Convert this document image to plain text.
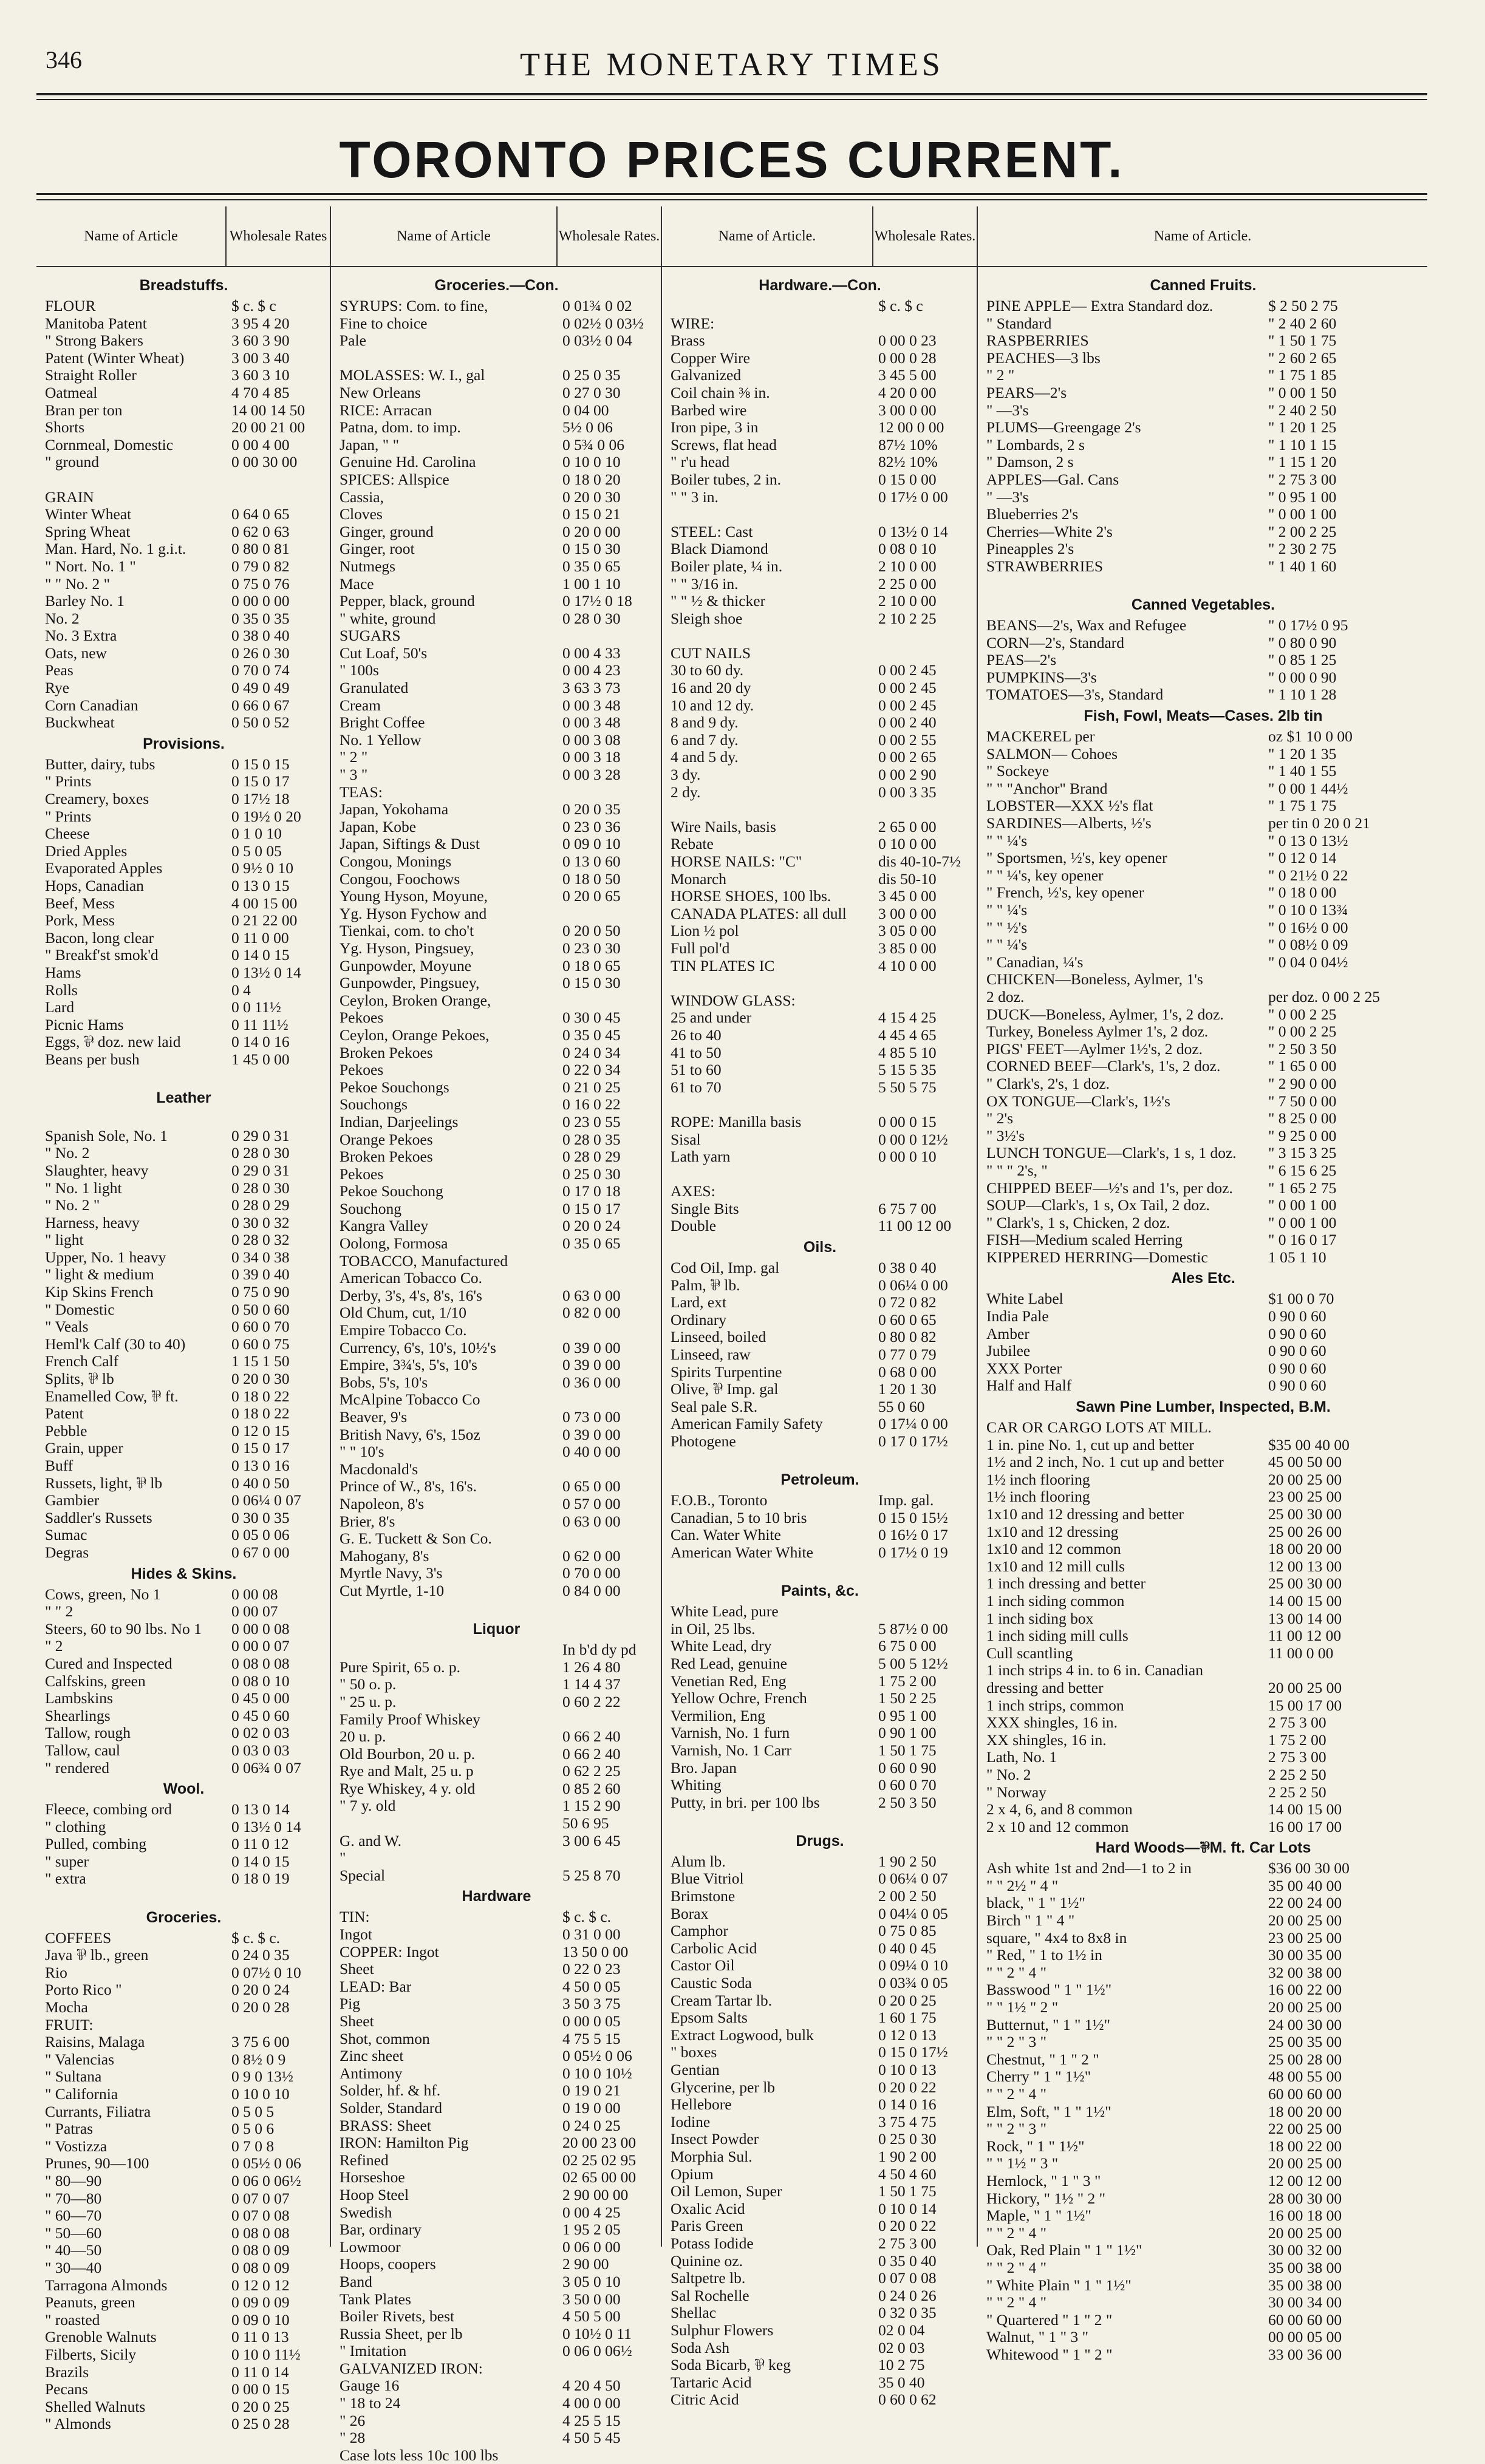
346	THE MONETARY TIMES
TORONTO PRICES CURRENT.
Name of Article	Wholesale Rates
Breadstuffs.
FLOUR	$ c. $ c
Manitoba Patent	3 95 4 20
" Strong Bakers	3 60 3 90
Patent (Winter Wheat)	3 00 3 40
Straight Roller	3 60 3 10
Oatmeal	4 70 4 85
Bran per ton	14 00 14 50
Shorts	20 00 21 00
Cornmeal, Domestic	0 00 4 00
" ground	0 00 30 00
GRAIN
Winter Wheat	0 64 0 65
Spring Wheat	0 62 0 63
Man. Hard, No. 1 g.i.t.	0 80 0 81
" Nort. No. 1 "	0 79 0 82
" " No. 2 "	0 75 0 76
Barley No. 1	0 00 0 00
No. 2	0 35 0 35
No. 3 Extra	0 38 0 40
Oats, new	0 26 0 30
Peas	0 70 0 74
Rye	0 49 0 49
Corn Canadian	0 66 0 67
Buckwheat	0 50 0 52
Provisions.
Butter, dairy, tubs	0 15 0 15
" Prints	0 15 0 17
Creamery, boxes	0 17½ 18
" Prints	0 19½ 0 20
Cheese	0 1 0 10
Dried Apples	0 5 0 05
Evaporated Apples	0 9½ 0 10
Hops, Canadian	0 13 0 15
Beef, Mess	4 00 15 00
Pork, Mess	0 21 22 00
Bacon, long clear	0 11 0 00
" Breakf'st smok'd	0 14 0 15
Hams	0 13½ 0 14
Rolls	0 4
Lard	0 0 11½
Picnic Hams	0 11 11½
Eggs, ⅌ doz. new laid	0 14 0 16
Beans per bush	1 45 0 00
Leather
Spanish Sole, No. 1	0 29 0 31
" No. 2	0 28 0 30
Slaughter, heavy	0 29 0 31
" No. 1 light	0 28 0 30
" No. 2 "	0 28 0 29
Harness, heavy	0 30 0 32
" light	0 28 0 32
Upper, No. 1 heavy	0 34 0 38
" light & medium	0 39 0 40
Kip Skins French	0 75 0 90
" Domestic	0 50 0 60
" Veals	0 60 0 70
Heml'k Calf (30 to 40)	0 60 0 75
French Calf	1 15 1 50
Splits, ⅌ lb	0 20 0 30
Enamelled Cow, ⅌ ft.	0 18 0 22
Patent	0 18 0 22
Pebble	0 12 0 15
Grain, upper	0 15 0 17
Buff	0 13 0 16
Russets, light, ⅌ lb	0 40 0 50
Gambier	0 06¼ 0 07
Saddler's Russets	0 30 0 35
Sumac	0 05 0 06
Degras	0 67 0 00
Hides & Skins.
Cows, green, No 1	0 00 08
" " 2	0 00 07
Steers, 60 to 90 lbs. No 1	0 00 0 08
" 2	0 00 0 07
Cured and Inspected	0 08 0 08
Calfskins, green	0 08 0 10
Lambskins	0 45 0 00
Shearlings	0 45 0 60
Tallow, rough	0 02 0 03
Tallow, caul	0 03 0 03
" rendered	0 06¾ 0 07
Wool.
Fleece, combing ord	0 13 0 14
" clothing	0 13½ 0 14
Pulled, combing	0 11 0 12
" super	0 14 0 15
" extra	0 18 0 19
Groceries.
COFFEES	$ c. $ c.
Java ⅌ lb., green	0 24 0 35
Rio	0 07½ 0 10
Porto Rico "	0 20 0 24
Mocha	0 20 0 28
FRUIT:
Raisins, Malaga	3 75 6 00
" Valencias	0 8½ 0 9
" Sultana	0 9 0 13½
" California	0 10 0 10
Currants, Filiatra	0 5 0 5
" Patras	0 5 0 6
" Vostizza	0 7 0 8
Prunes, 90—100	0 05½ 0 06
" 80—90	0 06 0 06½
" 70—80	0 07 0 07
" 60—70	0 07 0 08
" 50—60	0 08 0 08
" 40—50	0 08 0 09
" 30—40	0 08 0 09
Tarragona Almonds	0 12 0 12
Peanuts, green	0 09 0 09
" roasted	0 09 0 10
Grenoble Walnuts	0 11 0 13
Filberts, Sicily	0 10 0 11½
Brazils	0 11 0 14
Pecans	0 00 0 15
Shelled Walnuts	0 20 0 25
" Almonds	0 25 0 28
Name of Article	Wholesale Rates.
Groceries.—Con.
SYRUPS: Com. to fine,	0 01¾ 0 02
Fine to choice	0 02½ 0 03½
Pale	0 03½ 0 04
MOLASSES: W. I., gal	0 25 0 35
New Orleans	0 27 0 30
RICE: Arracan	0 04 00
Patna, dom. to imp.	5½ 0 06
Japan, " "	0 5¾ 0 06
Genuine Hd. Carolina	0 10 0 10
SPICES: Allspice	0 18 0 20
Cassia,	0 20 0 30
Cloves	0 15 0 21
Ginger, ground	0 20 0 00
Ginger, root	0 15 0 30
Nutmegs	0 35 0 65
Mace	1 00 1 10
Pepper, black, ground	0 17½ 0 18
" white, ground	0 28 0 30
SUGARS
Cut Loaf, 50's	0 00 4 33
" 100s	0 00 4 23
Granulated	3 63 3 73
Cream	0 00 3 48
Bright Coffee	0 00 3 48
No. 1 Yellow	0 00 3 08
" 2 "	0 00 3 18
" 3 "	0 00 3 28
TEAS:
Japan, Yokohama	0 20 0 35
Japan, Kobe	0 23 0 36
Japan, Siftings & Dust	0 09 0 10
Congou, Monings	0 13 0 60
Congou, Foochows	0 18 0 50
Young Hyson, Moyune,	0 20 0 65
Yg. Hyson Fychow and
Tienkai, com. to cho't	0 20 0 50
Yg. Hyson, Pingsuey,	0 23 0 30
Gunpowder, Moyune	0 18 0 65
Gunpowder, Pingsuey,	0 15 0 30
Ceylon, Broken Orange,
Pekoes	0 30 0 45
Ceylon, Orange Pekoes,	0 35 0 45
Broken Pekoes	0 24 0 34
Pekoes	0 22 0 34
Pekoe Souchongs	0 21 0 25
Souchongs	0 16 0 22
Indian, Darjeelings	0 23 0 55
Orange Pekoes	0 28 0 35
Broken Pekoes	0 28 0 29
Pekoes	0 25 0 30
Pekoe Souchong	0 17 0 18
Souchong	0 15 0 17
Kangra Valley	0 20 0 24
Oolong, Formosa	0 35 0 65
TOBACCO, Manufactured
American Tobacco Co.
Derby, 3's, 4's, 8's, 16's	0 63 0 00
Old Chum, cut, 1/10	0 82 0 00
Empire Tobacco Co.
Currency, 6's, 10's, 10½'s	0 39 0 00
Empire, 3¾'s, 5's, 10's	0 39 0 00
Bobs, 5's, 10's	0 36 0 00
McAlpine Tobacco Co
Beaver, 9's	0 73 0 00
British Navy, 6's, 15oz	0 39 0 00
" " 10's	0 40 0 00
Macdonald's
Prince of W., 8's, 16's.	0 65 0 00
Napoleon, 8's	0 57 0 00
Brier, 8's	0 63 0 00
G. E. Tuckett & Son Co.
Mahogany, 8's	0 62 0 00
Myrtle Navy, 3's	0 70 0 00
Cut Myrtle, 1-10	0 84 0 00
Liquor
In b'd dy pd
Pure Spirit, 65 o. p.	1 26 4 80
" 50 o. p.	1 14 4 37
" 25 u. p.	0 60 2 22
Family Proof Whiskey
20 u. p.	0 66 2 40
Old Bourbon, 20 u. p.	0 66 2 40
Rye and Malt, 25 u. p	0 62 2 25
Rye Whiskey, 4 y. old	0 85 2 60
" 7 y. old	1 15 2 90
50 6 95
G. and W.	3 00 6 45
"
Special	5 25 8 70
Hardware
TIN:	$ c. $ c.
Ingot	0 31 0 00
COPPER: Ingot	13 50 0 00
Sheet	0 22 0 23
LEAD: Bar	4 50 0 05
Pig	3 50 3 75
Sheet	0 00 0 05
Shot, common	4 75 5 15
Zinc sheet	0 05½ 0 06
Antimony	0 10 0 10½
Solder, hf. & hf.	0 19 0 21
Solder, Standard	0 19 0 00
BRASS: Sheet	0 24 0 25
IRON: Hamilton Pig	20 00 23 00
Refined	02 25 02 95
Horseshoe	02 65 00 00
Hoop Steel	2 90 00 00
Swedish	0 00 4 25
Bar, ordinary	1 95 2 05
Lowmoor	0 06 0 00
Hoops, coopers	2 90 00
Band	3 05 0 10
Tank Plates	3 50 0 00
Boiler Rivets, best	4 50 5 00
Russia Sheet, per lb	0 10½ 0 11
" Imitation	0 06 0 06½
GALVANIZED IRON:
Gauge 16	4 20 4 50
" 18 to 24	4 00 0 00
" 26	4 25 5 15
" 28	4 50 5 45
Case lots less 10c 100 lbs
Name of Article.	Wholesale Rates.
Hardware.—Con.
$ c. $ c
WIRE:
Brass	0 00 0 23
Copper Wire	0 00 0 28
Galvanized	3 45 5 00
Coil chain ⅜ in.	4 20 0 00
Barbed wire	3 00 0 00
Iron pipe, 3 in	12 00 0 00
Screws, flat head	87½ 10%
" r'u head	82½ 10%
Boiler tubes, 2 in.	0 15 0 00
" " 3 in.	0 17½ 0 00
STEEL: Cast	0 13½ 0 14
Black Diamond	0 08 0 10
Boiler plate, ¼ in.	2 10 0 00
" " 3/16 in.	2 25 0 00
" " ½ & thicker	2 10 0 00
Sleigh shoe	2 10 2 25
CUT NAILS
30 to 60 dy.	0 00 2 45
16 and 20 dy	0 00 2 45
10 and 12 dy.	0 00 2 45
8 and 9 dy.	0 00 2 40
6 and 7 dy.	0 00 2 55
4 and 5 dy.	0 00 2 65
3 dy.	0 00 2 90
2 dy.	0 00 3 35
Wire Nails, basis	2 65 0 00
Rebate	0 10 0 00
HORSE NAILS: "C"	dis 40-10-7½
Monarch	dis 50-10
HORSE SHOES, 100 lbs.	3 45 0 00
CANADA PLATES: all dull	3 00 0 00
Lion ½ pol	3 05 0 00
Full pol'd	3 85 0 00
TIN PLATES IC	4 10 0 00
WINDOW GLASS:
25 and under	4 15 4 25
26 to 40	4 45 4 65
41 to 50	4 85 5 10
51 to 60	5 15 5 35
61 to 70	5 50 5 75
ROPE: Manilla basis	0 00 0 15
Sisal	0 00 0 12½
Lath yarn	0 00 0 10
AXES:
Single Bits	6 75 7 00
Double	11 00 12 00
Oils.
Cod Oil, Imp. gal	0 38 0 40
Palm, ⅌ lb.	0 06¼ 0 00
Lard, ext	0 72 0 82
Ordinary	0 60 0 65
Linseed, boiled	0 80 0 82
Linseed, raw	0 77 0 79
Spirits Turpentine	0 68 0 00
Olive, ⅌ Imp. gal	1 20 1 30
Seal pale S.R.	55 0 60
American Family Safety	0 17¼ 0 00
Photogene	0 17 0 17½
Petroleum.
F.O.B., Toronto	Imp. gal.
Canadian, 5 to 10 bris	0 15 0 15½
Can. Water White	0 16½ 0 17
American Water White	0 17½ 0 19
Paints, &c.
White Lead, pure
in Oil, 25 lbs.	5 87½ 0 00
White Lead, dry	6 75 0 00
Red Lead, genuine	5 00 5 12½
Venetian Red, Eng	1 75 2 00
Yellow Ochre, French	1 50 2 25
Vermilion, Eng	0 95 1 00
Varnish, No. 1 furn	0 90 1 00
Varnish, No. 1 Carr	1 50 1 75
Bro. Japan	0 60 0 90
Whiting	0 60 0 70
Putty, in bri. per 100 lbs	2 50 3 50
Drugs.
Alum lb.	1 90 2 50
Blue Vitriol	0 06¼ 0 07
Brimstone	2 00 2 50
Borax	0 04¼ 0 05
Camphor	0 75 0 85
Carbolic Acid	0 40 0 45
Castor Oil	0 09¼ 0 10
Caustic Soda	0 03¾ 0 05
Cream Tartar lb.	0 20 0 25
Epsom Salts	1 60 1 75
Extract Logwood, bulk	0 12 0 13
" boxes	0 15 0 17½
Gentian	0 10 0 13
Glycerine, per lb	0 20 0 22
Hellebore	0 14 0 16
Iodine	3 75 4 75
Insect Powder	0 25 0 30
Morphia Sul.	1 90 2 00
Opium	4 50 4 60
Oil Lemon, Super	1 50 1 75
Oxalic Acid	0 10 0 14
Paris Green	0 20 0 22
Potass Iodide	2 75 3 00
Quinine oz.	0 35 0 40
Saltpetre lb.	0 07 0 08
Sal Rochelle	0 24 0 26
Shellac	0 32 0 35
Sulphur Flowers	02 0 04
Soda Ash	02 0 03
Soda Bicarb, ⅌ keg	10 2 75
Tartaric Acid	35 0 40
Citric Acid	0 60 0 62
Name of Article.
Canned Fruits.
PINE APPLE— Extra Standard doz.	$ 2 50 2 75
" Standard	" 2 40 2 60
RASPBERRIES	" 1 50 1 75
PEACHES—3 lbs	" 2 60 2 65
" 2 "	" 1 75 1 85
PEARS—2's	" 0 00 1 50
" —3's	" 2 40 2 50
PLUMS—Greengage 2's	" 1 20 1 25
" Lombards, 2 s	" 1 10 1 15
" Damson, 2 s	" 1 15 1 20
APPLES—Gal. Cans	" 2 75 3 00
" —3's	" 0 95 1 00
Blueberries 2's	" 0 00 1 00
Cherries—White 2's	" 2 00 2 25
Pineapples 2's	" 2 30 2 75
STRAWBERRIES	" 1 40 1 60
Canned Vegetables.
BEANS—2's, Wax and Refugee	" 0 17½ 0 95
CORN—2's, Standard	" 0 80 0 90
PEAS—2's	" 0 85 1 25
PUMPKINS—3's	" 0 00 0 90
TOMATOES—3's, Standard	" 1 10 1 28
Fish, Fowl, Meats—Cases. 2lb tin
MACKEREL per	oz $1 10 0 00
SALMON— Cohoes	" 1 20 1 35
" Sockeye	" 1 40 1 55
" " "Anchor" Brand	" 0 00 1 44½
LOBSTER—XXX ½'s flat	" 1 75 1 75
SARDINES—Alberts, ½'s	per tin 0 20 0 21
" " ¼'s	" 0 13 0 13½
" Sportsmen, ½'s, key opener	" 0 12 0 14
" " ¼'s, key opener	" 0 21½ 0 22
" French, ½'s, key opener	" 0 18 0 00
" " ¼'s	" 0 10 0 13¾
" " ½'s	" 0 16½ 0 00
" " ¼'s	" 0 08½ 0 09
" Canadian, ¼'s	" 0 04 0 04½
CHICKEN—Boneless, Aylmer, 1's
2 doz.	per doz. 0 00 2 25
DUCK—Boneless, Aylmer, 1's, 2 doz.	" 0 00 2 25
Turkey, Boneless Aylmer 1's, 2 doz.	" 0 00 2 25
PIGS' FEET—Aylmer 1½'s, 2 doz.	" 2 50 3 50
CORNED BEEF—Clark's, 1's, 2 doz.	" 1 65 0 00
" Clark's, 2's, 1 doz.	" 2 90 0 00
OX TONGUE—Clark's, 1½'s	" 7 50 0 00
" 2's	" 8 25 0 00
" 3½'s	" 9 25 0 00
LUNCH TONGUE—Clark's, 1 s, 1 doz.	" 3 15 3 25
" " " 2's, "	" 6 15 6 25
CHIPPED BEEF—½'s and 1's, per doz.	" 1 65 2 75
SOUP—Clark's, 1 s, Ox Tail, 2 doz.	" 0 00 1 00
" Clark's, 1 s, Chicken, 2 doz.	" 0 00 1 00
FISH—Medium scaled Herring	" 0 16 0 17
KIPPERED HERRING—Domestic	1 05 1 10
Ales Etc.
White Label	$1 00 0 70
India Pale	0 90 0 60
Amber	0 90 0 60
Jubilee	0 90 0 60
XXX Porter	0 90 0 60
Half and Half	0 90 0 60
Sawn Pine Lumber, Inspected, B.M.
CAR OR CARGO LOTS AT MILL.
1 in. pine No. 1, cut up and better	$35 00 40 00
1½ and 2 inch, No. 1 cut up and better	45 00 50 00
1½ inch flooring	20 00 25 00
1½ inch flooring	23 00 25 00
1x10 and 12 dressing and better	25 00 30 00
1x10 and 12 dressing	25 00 26 00
1x10 and 12 common	18 00 20 00
1x10 and 12 mill culls	12 00 13 00
1 inch dressing and better	25 00 30 00
1 inch siding common	14 00 15 00
1 inch siding box	13 00 14 00
1 inch siding mill culls	11 00 12 00
Cull scantling	11 00 0 00
1 inch strips 4 in. to 6 in. Canadian
dressing and better	20 00 25 00
1 inch strips, common	15 00 17 00
XXX shingles, 16 in.	2 75 3 00
XX shingles, 16 in.	1 75 2 00
Lath, No. 1	2 75 3 00
" No. 2	2 25 2 50
" Norway	2 25 2 50
2 x 4, 6, and 8 common	14 00 15 00
2 x 10 and 12 common	16 00 17 00
Hard Woods—⅌M. ft. Car Lots
Ash white 1st and 2nd—1 to 2 in	$36 00 30 00
" " 2½ " 4 "	35 00 40 00
black, " 1 " 1½"	22 00 24 00
Birch " 1 " 4 "	20 00 25 00
square, " 4x4 to 8x8 in	23 00 25 00
" Red, " 1 to 1½ in	30 00 35 00
" " 2 " 4 "	32 00 38 00
Basswood " 1 " 1½"	16 00 22 00
" " 1½ " 2 "	20 00 25 00
Butternut, " 1 " 1½"	24 00 30 00
" " 2 " 3 "	25 00 35 00
Chestnut, " 1 " 2 "	25 00 28 00
Cherry " 1 " 1½"	48 00 55 00
" " 2 " 4 "	60 00 60 00
Elm, Soft, " 1 " 1½"	18 00 20 00
" " 2 " 3 "	22 00 25 00
Rock, " 1 " 1½"	18 00 22 00
" " 1½ " 3 "	20 00 25 00
Hemlock, " 1 " 3 "	12 00 12 00
Hickory, " 1½ " 2 "	28 00 30 00
Maple, " 1 " 1½"	16 00 18 00
" " 2 " 4 "	20 00 25 00
Oak, Red Plain " 1 " 1½"	30 00 32 00
" " 2 " 4 "	35 00 38 00
" White Plain " 1 " 1½"	35 00 38 00
" " 2 " 4 "	30 00 34 00
" Quartered " 1 " 2 "	60 00 60 00
Walnut, " 1 " 3 "	00 00 05 00
Whitewood " 1 " 2 "	33 00 36 00
